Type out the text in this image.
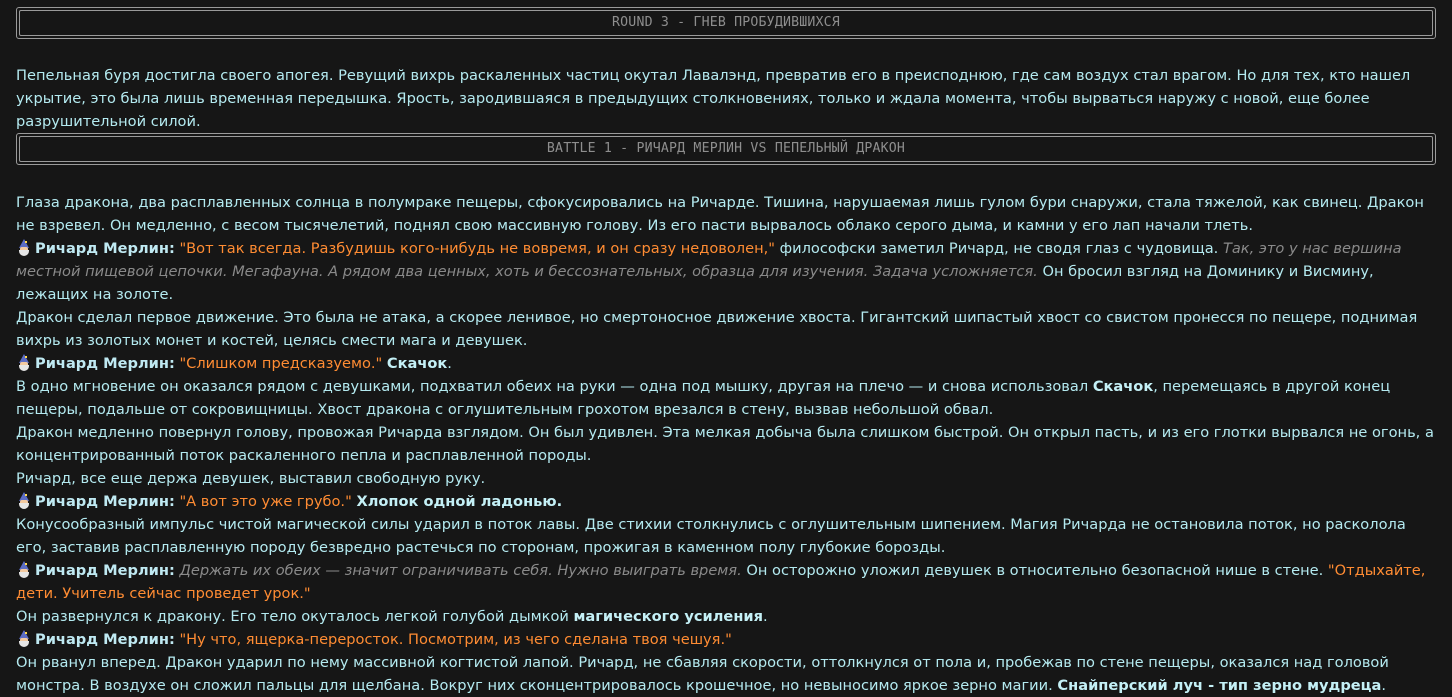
ROUND 3 - ГНЕВ ПРОБУДИВШИХСЯ

Пепельная буря достигла своего апогея. Ревущий вихрь раскаленных частиц окутал Лавалэнд, превратив его в преисподнюю, где сам воздух стал врагом. Но для тех, кто нашел укрытие, это была лишь временная передышка. Ярость, зародившаяся в предыдущих столкновениях, только и ждала момента, чтобы вырваться наружу с новой, еще более разрушительной силой.

BATTLE 1 - РИЧАРД МЕРЛИН VS ПЕПЕЛЬНЫЙ ДРАКОН

Глаза дракона, два расплавленных солнца в полумраке пещеры, сфокусировались на Ричарде. Тишина, нарушаемая лишь гулом бури снаружи, стала тяжелой, как свинец. Дракон не взревел. Он медленно, с весом тысячелетий, поднял свою массивную голову. Из его пасти вырвалось облако серого дыма, и камни у его лап начали тлеть.

Ричард Мерлин: "Вот так всегда. Разбудишь кого-нибудь не вовремя, и он сразу недоволен," философски заметил Ричард, не сводя глаз с чудовища. Так, это у нас вершина местной пищевой цепочки. Мегафауна. А рядом два ценных, хоть и бессознательных, образца для изучения. Задача усложняется. Он бросил взгляд на Доминику и Висмину, лежащих на золоте.

Дракон сделал первое движение. Это была не атака, а скорее ленивое, но смертоносное движение хвоста. Гигантский шипастый хвост со свистом пронесся по пещере, поднимая вихрь из золотых монет и костей, целясь смести мага и девушек.

Ричард Мерлин: "Слишком предсказуемо." Скачок.

В одно мгновение он оказался рядом с девушками, подхватил обеих на руки — одна под мышку, другая на плечо — и снова использовал Скачок, перемещаясь в другой конец пещеры, подальше от сокровищницы. Хвост дракона с оглушительным грохотом врезался в стену, вызвав небольшой обвал.

Дракон медленно повернул голову, провожая Ричарда взглядом. Он был удивлен. Эта мелкая добыча была слишком быстрой. Он открыл пасть, и из его глотки вырвался не огонь, а концентрированный поток раскаленного пепла и расплавленной породы.

Ричард, все еще держа девушек, выставил свободную руку.

Ричард Мерлин: "А вот это уже грубо." Хлопок одной ладонью.

Конусообразный импульс чистой магической силы ударил в поток лавы. Две стихии столкнулись с оглушительным шипением. Магия Ричарда не остановила поток, но расколола его, заставив расплавленную породу безвредно растечься по сторонам, прожигая в каменном полу глубокие борозды.

Ричард Мерлин: Держать их обеих — значит ограничивать себя. Нужно выиграть время. Он осторожно уложил девушек в относительно безопасной нише в стене. "Отдыхайте, дети. Учитель сейчас проведет урок."

Он развернулся к дракону. Его тело окуталось легкой голубой дымкой магического усиления.

Ричард Мерлин: "Ну что, ящерка-переросток. Посмотрим, из чего сделана твоя чешуя."

Он рванул вперед. Дракон ударил по нему массивной когтистой лапой. Ричард, не сбавляя скорости, оттолкнулся от пола и, пробежав по стене пещеры, оказался над головой монстра. В воздухе он сложил пальцы для щелбана. Вокруг них сконцентрировалось крошечное, но невыносимо яркое зерно магии. Снайперский луч - тип зерно мудреца.
